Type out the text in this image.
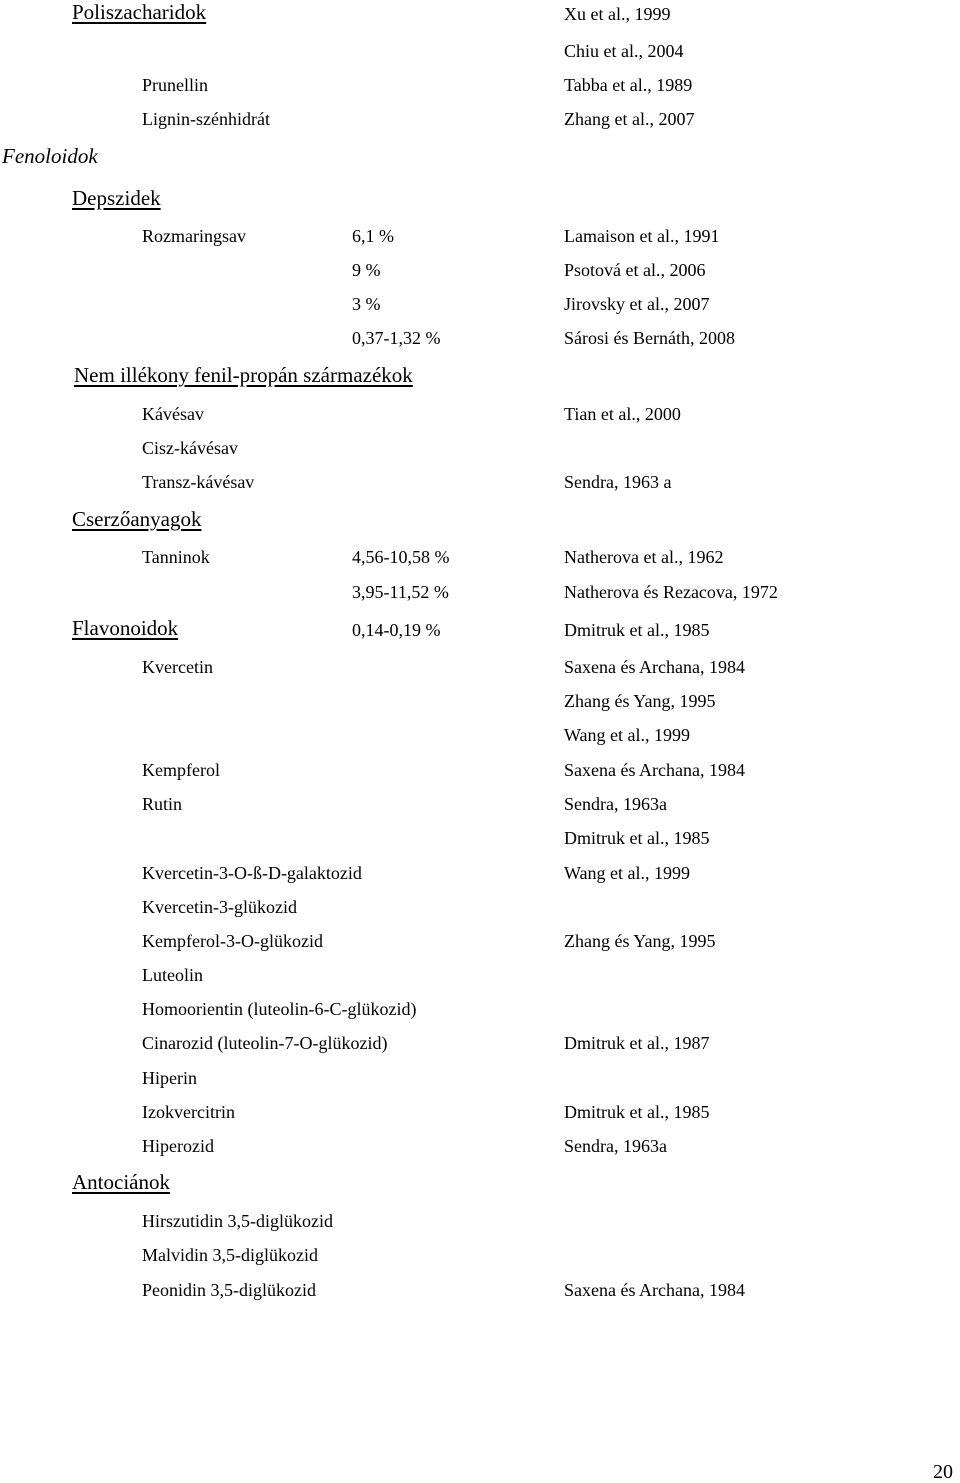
Poliszacharidok	Xu et al., 1999
Chiu et al., 2004
Prunellin	Tabba et al., 1989
Lignin-szénhidrát	Zhang et al., 2007
Fenoloidok
Depszidek
Rozmaringsav	6,1 %	Lamaison et al., 1991
9 %	Psotová et al., 2006
3 %	Jirovsky et al., 2007
0,37-1,32 %	Sárosi és Bernáth, 2008
Nem illékony fenil-propán származékok
Kávésav	Tian et al., 2000
Cisz-kávésav
Transz-kávésav	Sendra, 1963 a
Cserzőanyagok
Tanninok	4,56-10,58 %	Natherova et al., 1962
3,95-11,52 %	Natherova és Rezacova, 1972
Flavonoidok	0,14-0,19 %	Dmitruk et al., 1985
Kvercetin	Saxena és Archana, 1984
Zhang és Yang, 1995
Wang et al., 1999
Kempferol	Saxena és Archana, 1984
Rutin	Sendra, 1963a
Dmitruk et al., 1985
Kvercetin-3-O-ß-D-galaktozid	Wang et al., 1999
Kvercetin-3-glükozid
Kempferol-3-O-glükozid	Zhang és Yang, 1995
Luteolin
Homoorientin (luteolin-6-C-glükozid)
Cinarozid (luteolin-7-O-glükozid)	Dmitruk et al., 1987
Hiperin
Izokvercitrin	Dmitruk et al., 1985
Hiperozid	Sendra, 1963a
Antociánok
Hirszutidin 3,5-diglükozid
Malvidin 3,5-diglükozid
Peonidin 3,5-diglükozid	Saxena és Archana, 1984
20
